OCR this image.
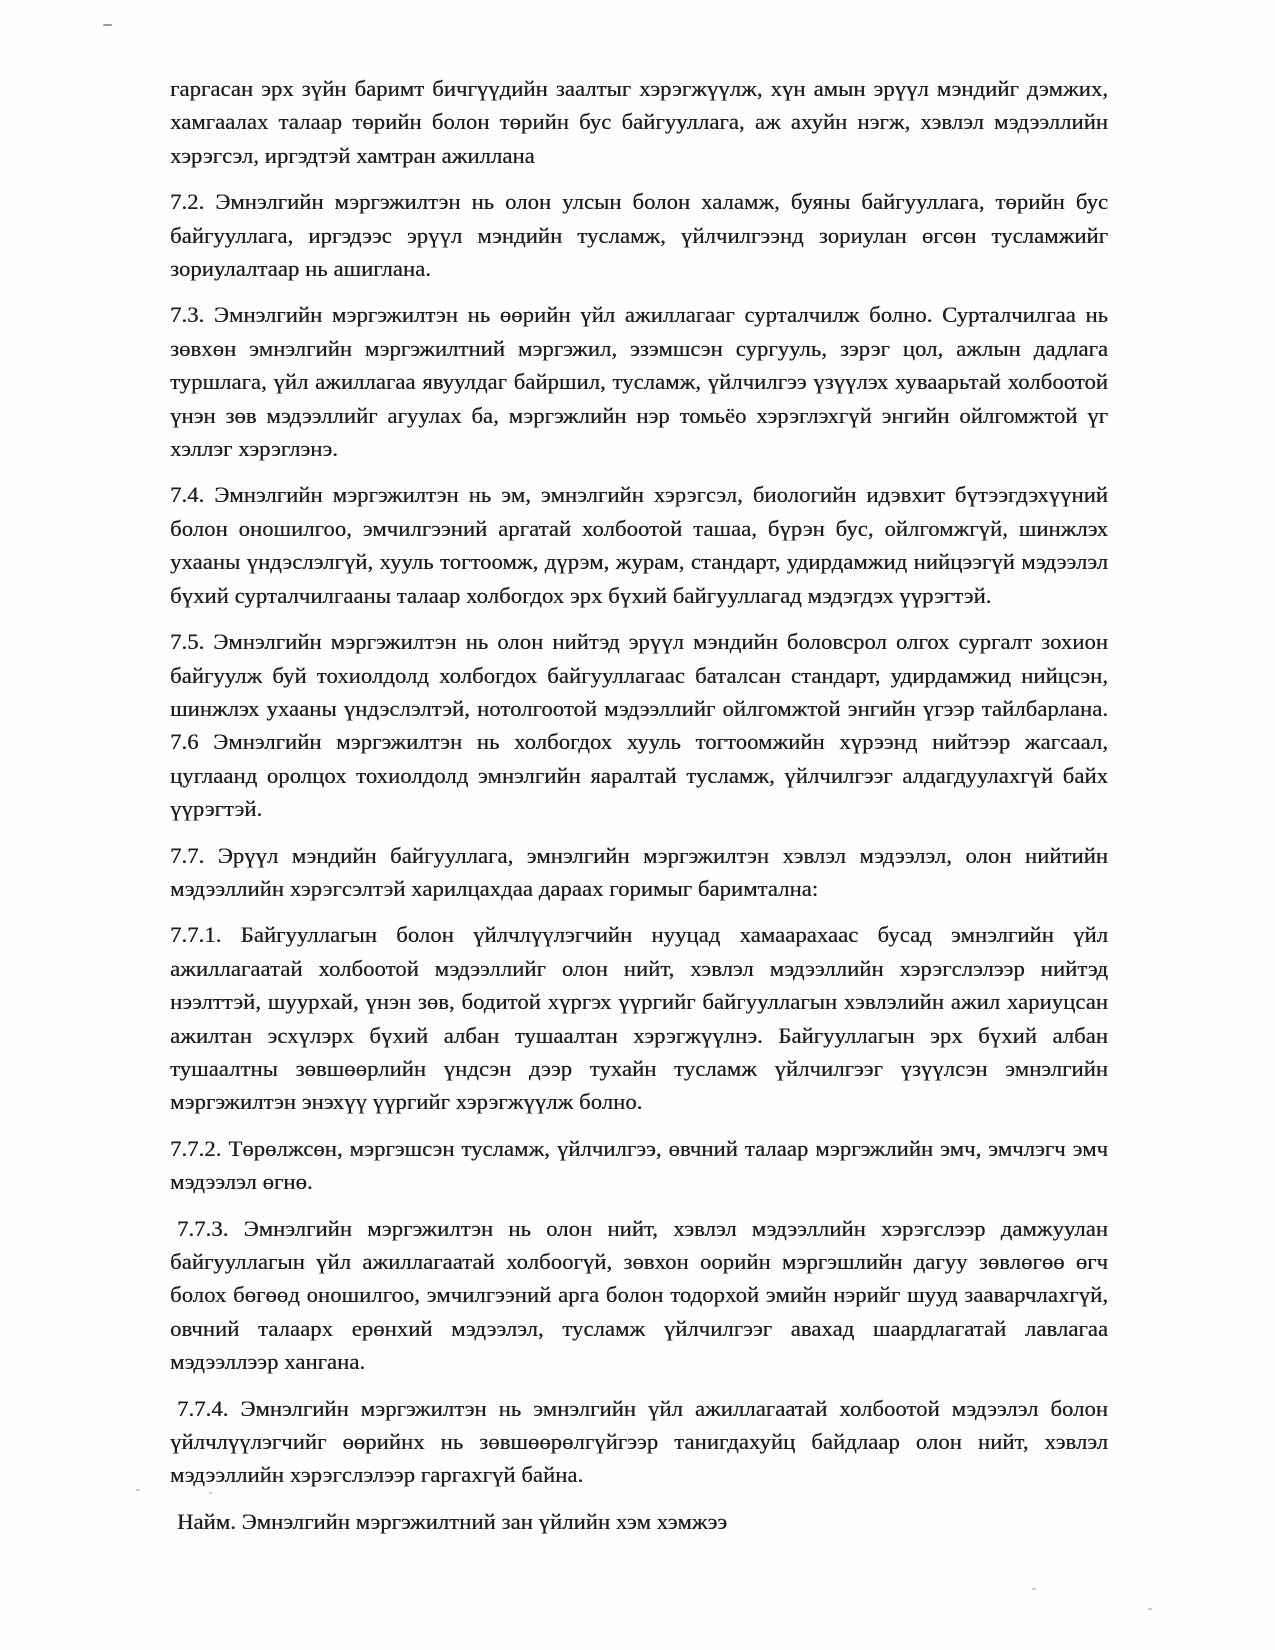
гаргасан эрх зүйн баримт бичгүүдийн заалтыг хэрэгжүүлж, хүн амын эрүүл мэндийг дэмжих, хамгаалах талаар төрийн болон төрийн бус байгууллага, аж ахуйн нэгж, хэвлэл мэдээллийн хэрэгсэл, иргэдтэй хамтран ажиллана

7.2. Эмнэлгийн мэргэжилтэн нь олон улсын болон халамж, буяны байгууллага, төрийн бус байгууллага, иргэдээс эрүүл мэндийн тусламж, үйлчилгээнд зориулан өгсөн тусламжийг зориулалтаар нь ашиглана.

7.3. Эмнэлгийн мэргэжилтэн нь өөрийн үйл ажиллагааг сурталчилж болно. Сурталчилгаа нь зөвхөн эмнэлгийн мэргэжилтний мэргэжил, эзэмшсэн сургууль, зэрэг цол, ажлын дадлага туршлага, үйл ажиллагаа явуулдаг байршил, тусламж, үйлчилгээ үзүүлэх хуваарьтай холбоотой үнэн зөв мэдээллийг агуулах ба, мэргэжлийн нэр томьёо хэрэглэхгүй энгийн ойлгомжтой үг хэллэг хэрэглэнэ.

7.4. Эмнэлгийн мэргэжилтэн нь эм, эмнэлгийн хэрэгсэл, биологийн идэвхит бүтээгдэхүүний болон оношилгоо, эмчилгээний аргатай холбоотой ташаа, бүрэн бус, ойлгомжгүй, шинжлэх ухааны үндэслэлгүй, хууль тогтоомж, дүрэм, журам, стандарт, удирдамжид нийцээгүй мэдээлэл бүхий сурталчилгааны талаар холбогдох эрх бүхий байгууллагад мэдэгдэх үүрэгтэй.

7.5. Эмнэлгийн мэргэжилтэн нь олон нийтэд эрүүл мэндийн боловсрол олгох сургалт зохион байгуулж буй тохиолдолд холбогдох байгууллагаас баталсан стандарт, удирдамжид нийцсэн, шинжлэх ухааны үндэслэлтэй, нотолгоотой мэдээллийг ойлгомжтой энгийн үгээр тайлбарлана. 7.6 Эмнэлгийн мэргэжилтэн нь холбогдох хууль тогтоомжийн хүрээнд нийтээр жагсаал, цуглаанд оролцох тохиолдолд эмнэлгийн яаралтай тусламж, үйлчилгээг алдагдуулахгүй байх үүрэгтэй.

7.7. Эрүүл мэндийн байгууллага, эмнэлгийн мэргэжилтэн хэвлэл мэдээлэл, олон нийтийн мэдээллийн хэрэгсэлтэй харилцахдаа дараах горимыг баримтална:

7.7.1. Байгууллагын болон үйлчлүүлэгчийн нууцад хамаарахаас бусад эмнэлгийн үйл ажиллагаатай холбоотой мэдээллийг олон нийт, хэвлэл мэдээллийн хэрэгслэлээр нийтэд нээлттэй, шуурхай, үнэн зөв, бодитой хүргэх үүргийг байгууллагын хэвлэлийн ажил хариуцсан ажилтан эсхүлэрх бүхий албан тушаалтан хэрэгжүүлнэ. Байгууллагын эрх бүхий албан тушаалтны зөвшөөрлийн үндсэн дээр тухайн тусламж үйлчилгээг үзүүлсэн эмнэлгийн мэргэжилтэн энэхүү үүргийг хэрэгжүүлж болно.

7.7.2. Төрөлжсөн, мэргэшсэн тусламж, үйлчилгээ, өвчний талаар мэргэжлийн эмч, эмчлэгч эмч мэдээлэл өгнө.

7.7.3. Эмнэлгийн мэргэжилтэн нь олон нийт, хэвлэл мэдээллийн хэрэгслээр дамжуулан байгууллагын үйл ажиллагаатай холбоогүй, зөвхон оорийн мэргэшлийн дагуу зөвлөгөө өгч болох бөгөөд оношилгоо, эмчилгээний арга болон тодорхой эмийн нэрийг шууд зааварчлахгүй, овчний талаарх ерөнхий мэдээлэл, тусламж үйлчилгээг авахад шаардлагатай лавлагаа мэдээллээр хангана.

7.7.4. Эмнэлгийн мэргэжилтэн нь эмнэлгийн үйл ажиллагаатай холбоотой мэдээлэл болон үйлчлүүлэгчийг өөрийнх нь зөвшөөрөлгүйгээр танигдахуйц байдлаар олон нийт, хэвлэл мэдээллийн хэрэгслэлээр гаргахгүй байна.

Найм. Эмнэлгийн мэргэжилтний зан үйлийн хэм хэмжээ
